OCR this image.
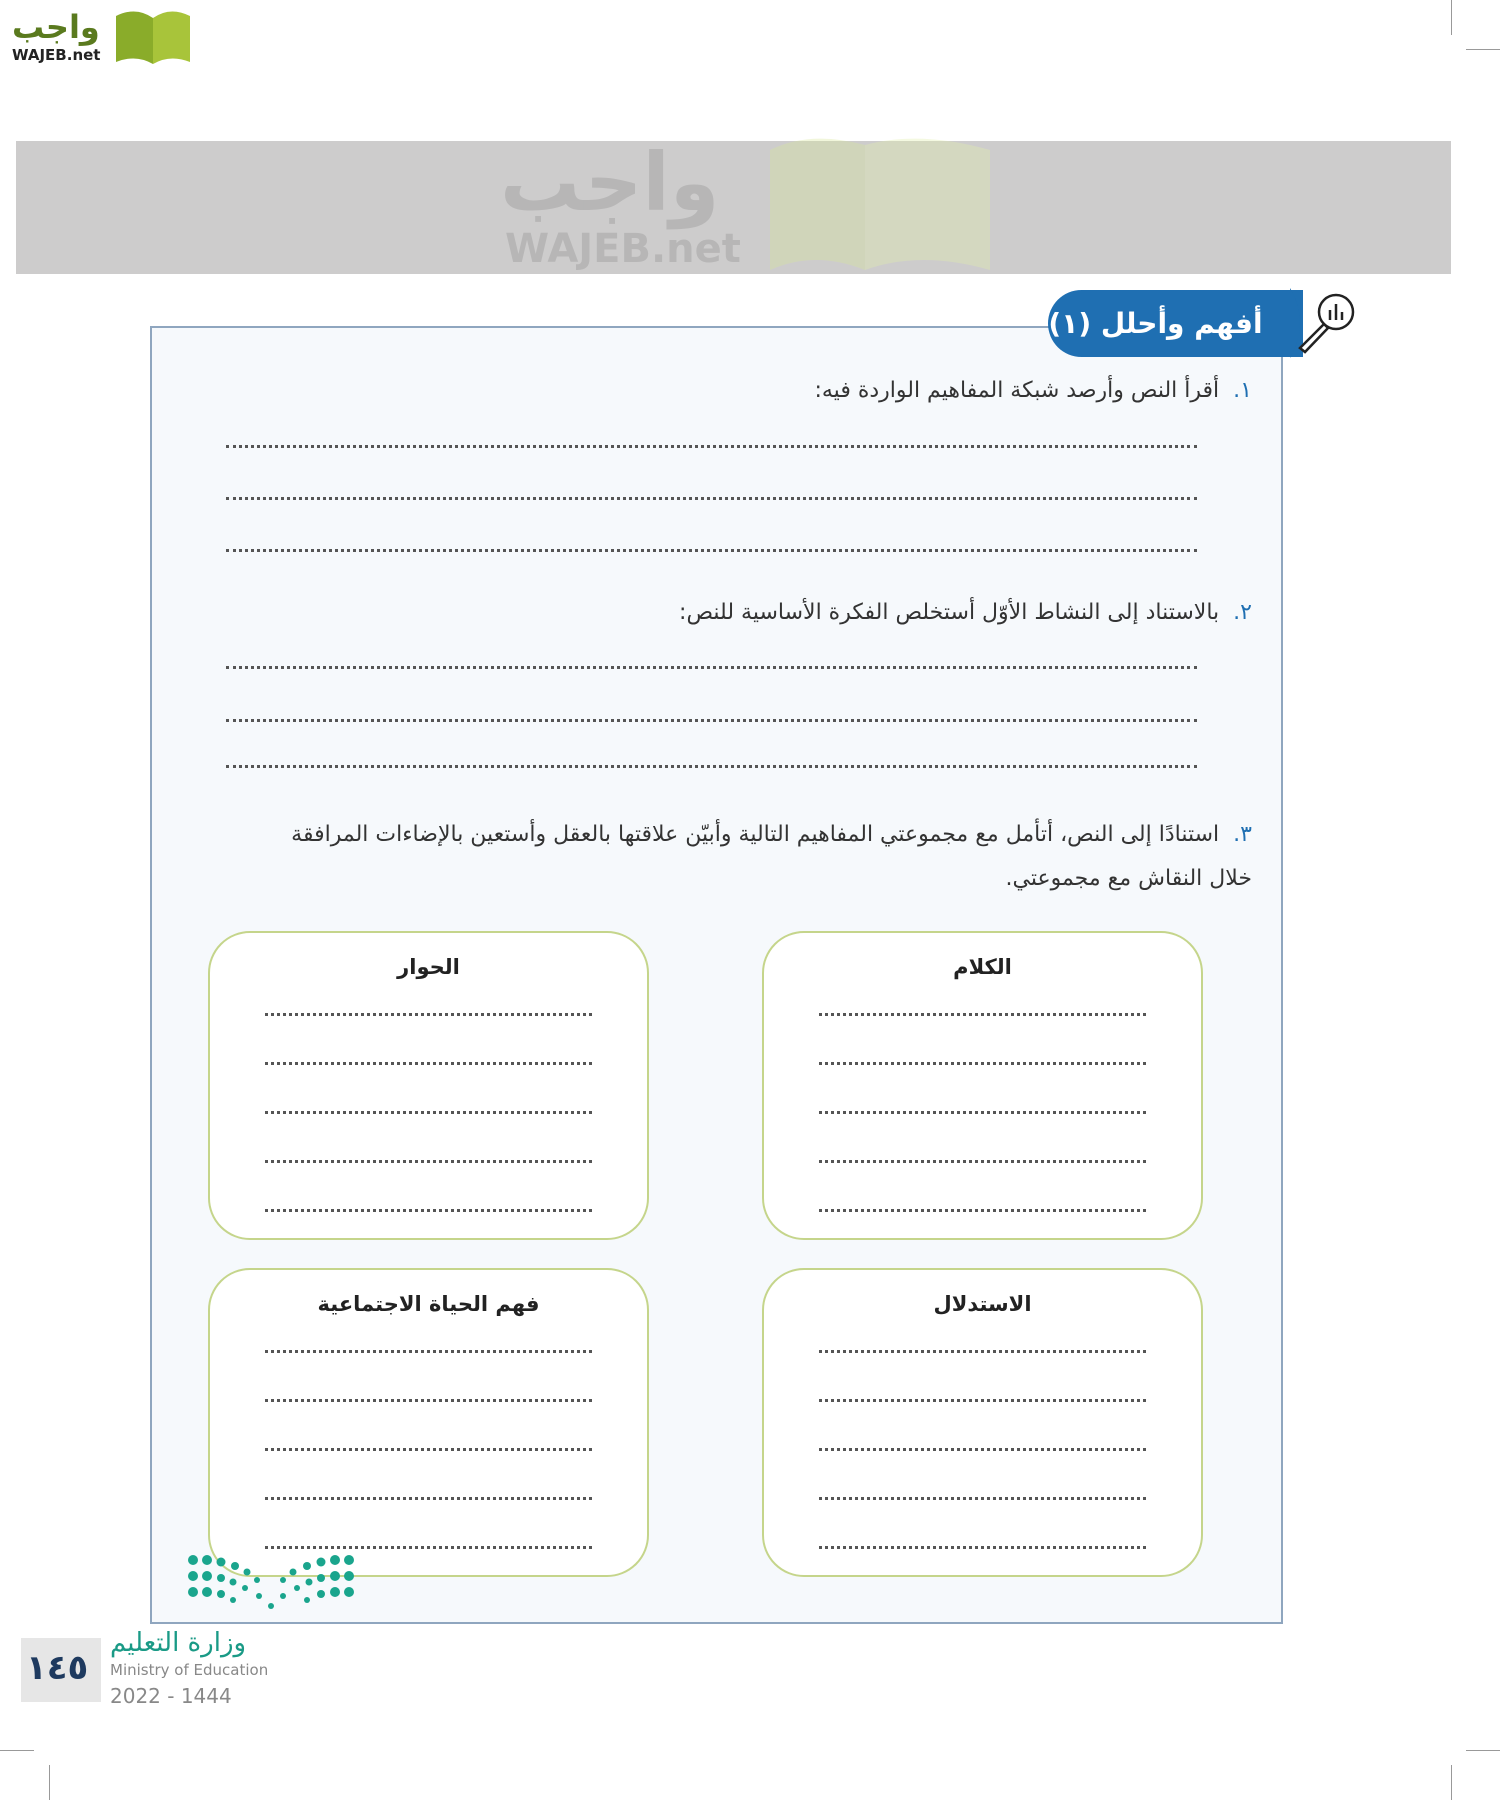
واجب
WAJEB.net
واجب
WAJEB.net
أفهم وأحلل (١)
١.أقرأ النص وأرصد شبكة المفاهيم الواردة فيه:
٢.بالاستناد إلى النشاط الأوّل أستخلص الفكرة الأساسية للنص:
٣.استنادًا إلى النص، أتأمل مع مجموعتي المفاهيم التالية وأبيّن علاقتها بالعقل وأستعين بالإضاءات المرافقة خلال النقاش مع مجموعتي.
الكلام
الحوار
الاستدلال
فهم الحياة الاجتماعية
١٤٥
وزارة التعليم
Ministry of Education
2022 - 1444
